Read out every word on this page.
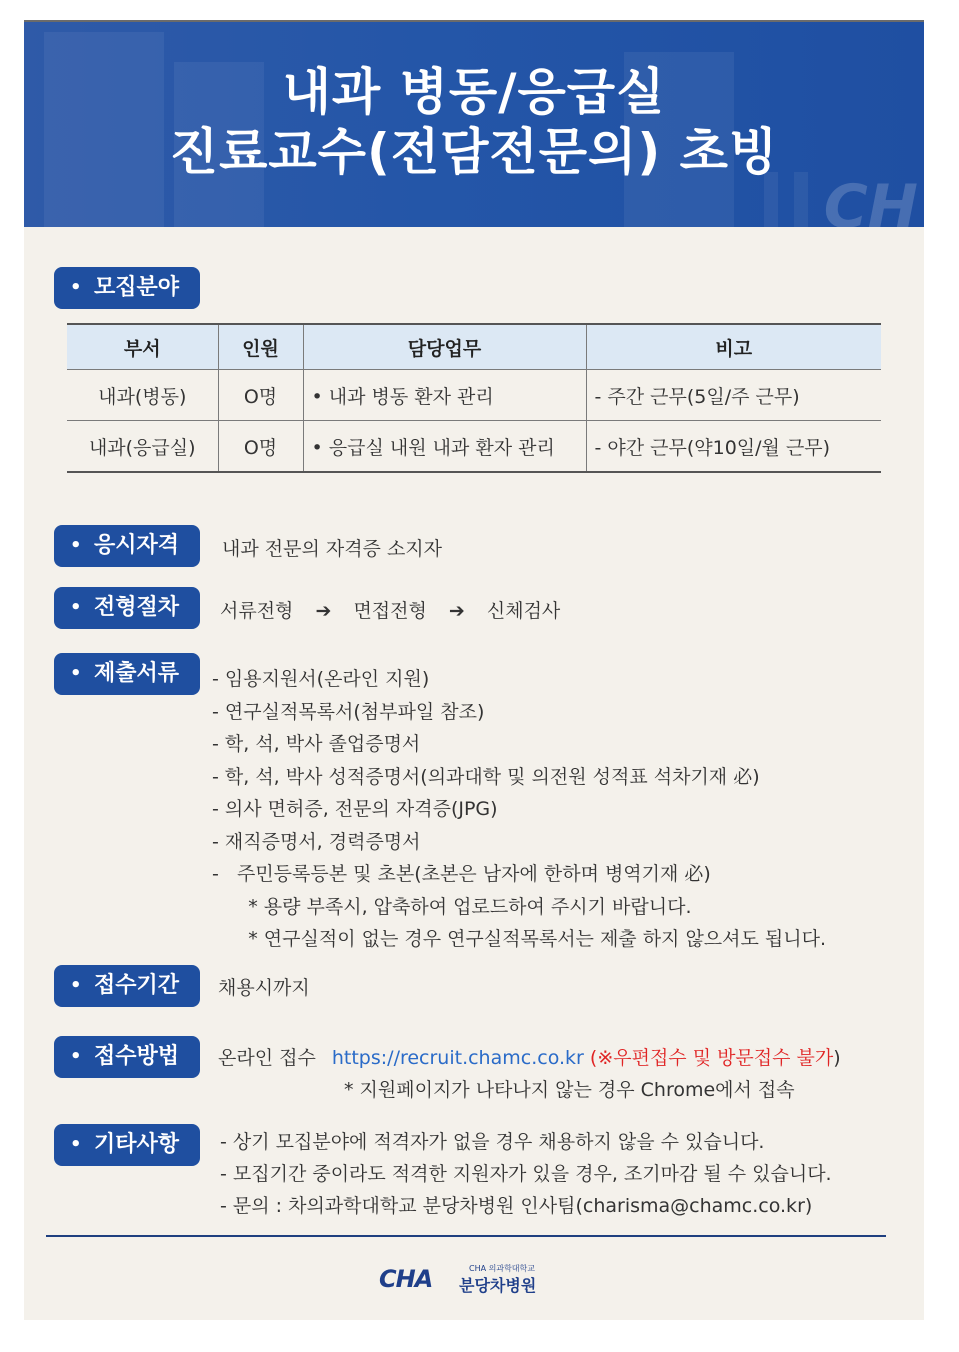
내과 병동/응급실
진료교수(전담전문의) 초빙
CH
• 모집분야
부서	인원	담당업무	비고
내과(병동)	O명	• 내과 병동 환자 관리	- 주간 근무(5일/주 근무)
내과(응급실)	O명	• 응급실 내원 내과 환자 관리	- 야간 근무(약10일/월 근무)
• 응시자격	내과 전문의 자격증 소지자
• 전형절차	서류전형 ➔ 면접전형 ➔ 신체검사
• 제출서류	- 임용지원서(온라인 지원)
- 연구실적목록서(첨부파일 참조)
- 학, 석, 박사 졸업증명서
- 학, 석, 박사 성적증명서(의과대학 및 의전원 성적표 석차기재 必)
- 의사 면허증, 전문의 자격증(JPG)
- 재직증명서, 경력증명서
-   주민등록등본 및 초본(초본은 남자에 한하며 병역기재 必)
* 용량 부족시, 압축하여 업로드하여 주시기 바랍니다.
* 연구실적이 없는 경우 연구실적목록서는 제출 하지 않으셔도 됩니다.
• 접수기간	채용시까지
• 접수방법	온라인 접수 https://recruit.chamc.co.kr (※우편접수 및 방문접수 불가)
* 지원페이지가 나타나지 않는 경우 Chrome에서 접속
• 기타사항	- 상기 모집분야에 적격자가 없을 경우 채용하지 않을 수 있습니다.
- 모집기간 중이라도 적격한 지원자가 있을 경우, 조기마감 될 수 있습니다.
- 문의 : 차의과학대학교 분당차병원 인사팀(charisma@chamc.co.kr)
CHA	CHA 의과학대학교
분당차병원
